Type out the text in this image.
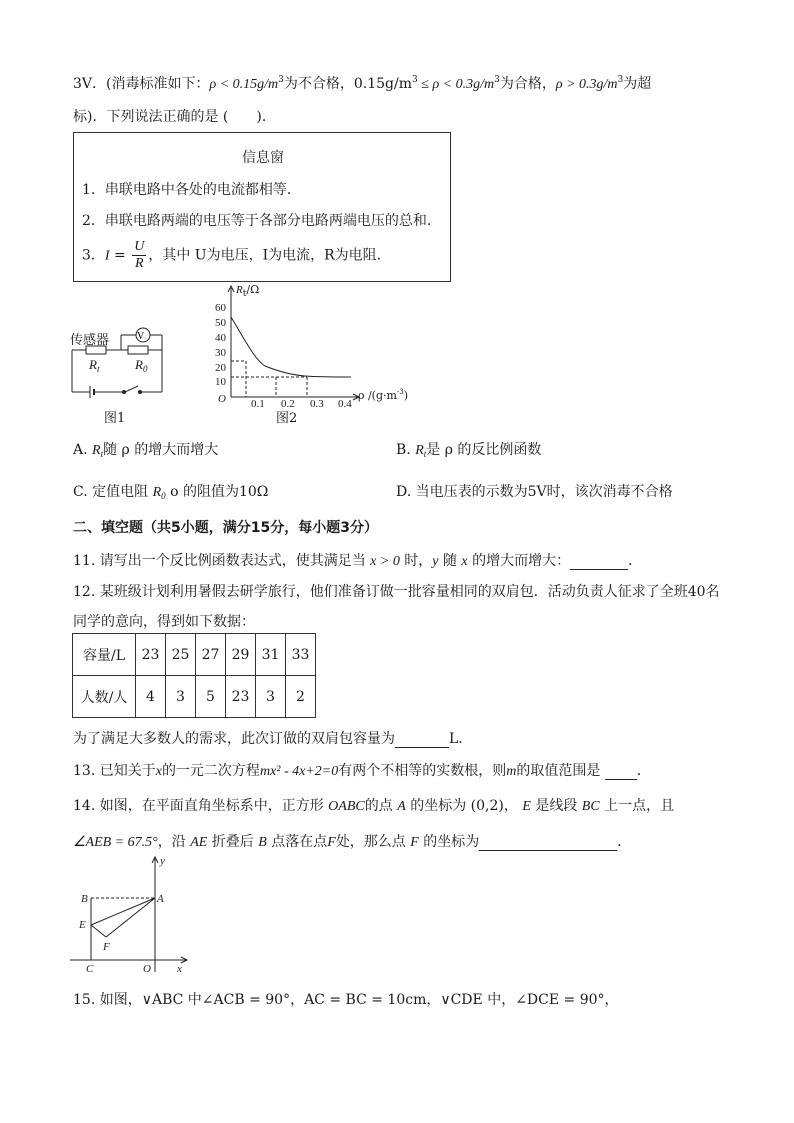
3V．(消毒标准如下：$\rho < 0.15g/m^3$为不合格，$0.15g/m^3 \le \rho < 0.3g/m^3$为合格，$\rho > 0.3g/m^3$为超
标)．下列说法正确的是 (　　)．
信息窗
1．串联电路中各处的电流都相等．
2．串联电路两端的电压等于各部分电路两端电压的总和．
3．$I = \frac{U}{R}$ ，其中 U为电压，I为电流，R为电阻．
V
传感器
$R_t$	$R_0$
图1
60
50
40
30
20
10
O 0.1 0.2 0.3 0.4
$R_t/\Omega$
ρ $/(g\cdot m^{-3})$
图2
A. $R_t$随 ρ 的增大而增大	B. $R_t$是 ρ 的反比例函数
C. 定值电阻 $R_0$ o 的阻值为10Ω	D. 当电压表的示数为5V时，该次消毒不合格
二、填空题（共5小题，满分15分，每小题3分）
11. 请写出一个反比例函数表达式，使其满足当 x > 0 时，y 随 x 的增大而增大：	．
12. 某班级计划利用暑假去研学旅行，他们准备订做一批容量相同的双肩包．活动负责人征求了全班40名
同学的意向，得到如下数据：
容量/L	23	25	27	29	31	33
人数/人	4	3	5	23	3	2
为了满足大多数人的需求，此次订做的双肩包容量为	L．
13. 已知关于x的一元二次方程mx² - 4x+2=0有两个不相等的实数根，则m的取值范围是	．
14. 如图，在平面直角坐标系中，正方形 OABC的点 A 的坐标为 (0,2)， E 是线段 BC 上一点，且
∠AEB = 67.5°，沿 AE 折叠后 B 点落在点F处，那么点 F 的坐标为	．
B	A
E
F
C	O x
y
15. 如图，∨ABC 中∠ACB = 90°，AC = BC = 10cm，∨CDE 中，∠DCE = 90°，
